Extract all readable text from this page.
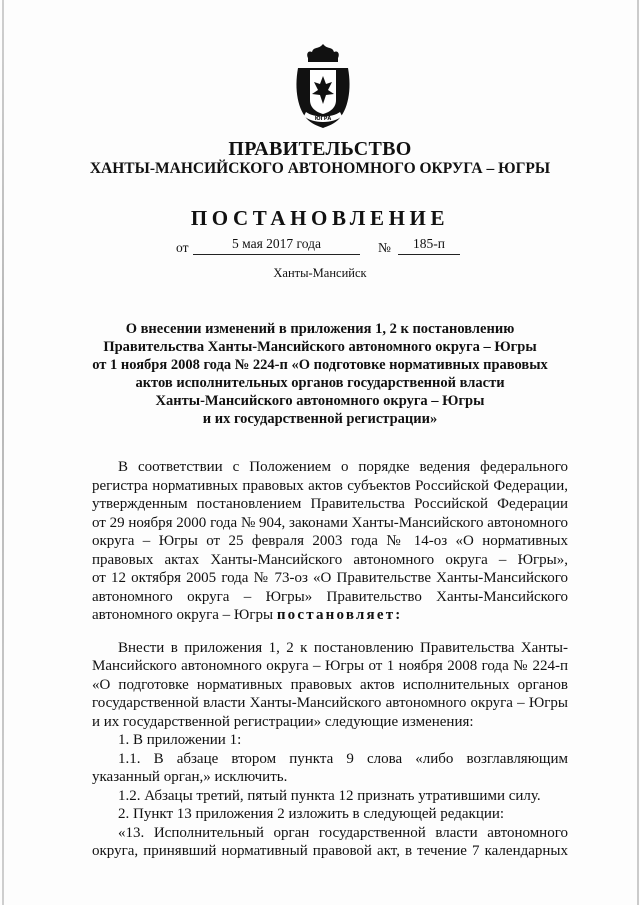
ЮГРА
ПРАВИТЕЛЬСТВО
ХАНТЫ-МАНСИЙСКОГО АВТОНОМНОГО ОКРУГА – ЮГРЫ
ПОСТАНОВЛЕНИЕ
от	5 мая 2017 года	№	185-п
Ханты-Мансийск
О внесении изменений в приложения 1, 2 к постановлению
Правительства Ханты-Мансийского автономного округа – Югры
от 1 ноября 2008 года № 224-п «О подготовке нормативных правовых
актов исполнительных органов государственной власти
Ханты-Мансийского автономного округа – Югры
и их государственной регистрации»
В соответствии с Положением о порядке ведения федерального
регистра нормативных правовых актов субъектов Российской Федерации,
утвержденным постановлением Правительства Российской Федерации
от 29 ноября 2000 года № 904, законами Ханты-Мансийского автономного
округа – Югры от 25 февраля 2003 года № 14-оз «О нормативных
правовых актах Ханты-Мансийского автономного округа – Югры»,
от 12 октября 2005 года № 73-оз «О Правительстве Ханты-Мансийского
автономного округа – Югры» Правительство Ханты-Мансийского
автономного округа – Югры постановляет:
Внести в приложения 1, 2 к постановлению Правительства Ханты-
Мансийского автономного округа – Югры от 1 ноября 2008 года № 224-п
«О подготовке нормативных правовых актов исполнительных органов
государственной власти Ханты-Мансийского автономного округа – Югры
и их государственной регистрации» следующие изменения:
1. В приложении 1:
1.1. В абзаце втором пункта 9 слова «либо возглавляющим
указанный орган,» исключить.
1.2. Абзацы третий, пятый пункта 12 признать утратившими силу.
2. Пункт 13 приложения 2 изложить в следующей редакции:
«13. Исполнительный орган государственной власти автономного
округа, принявший нормативный правовой акт, в течение 7 календарных
